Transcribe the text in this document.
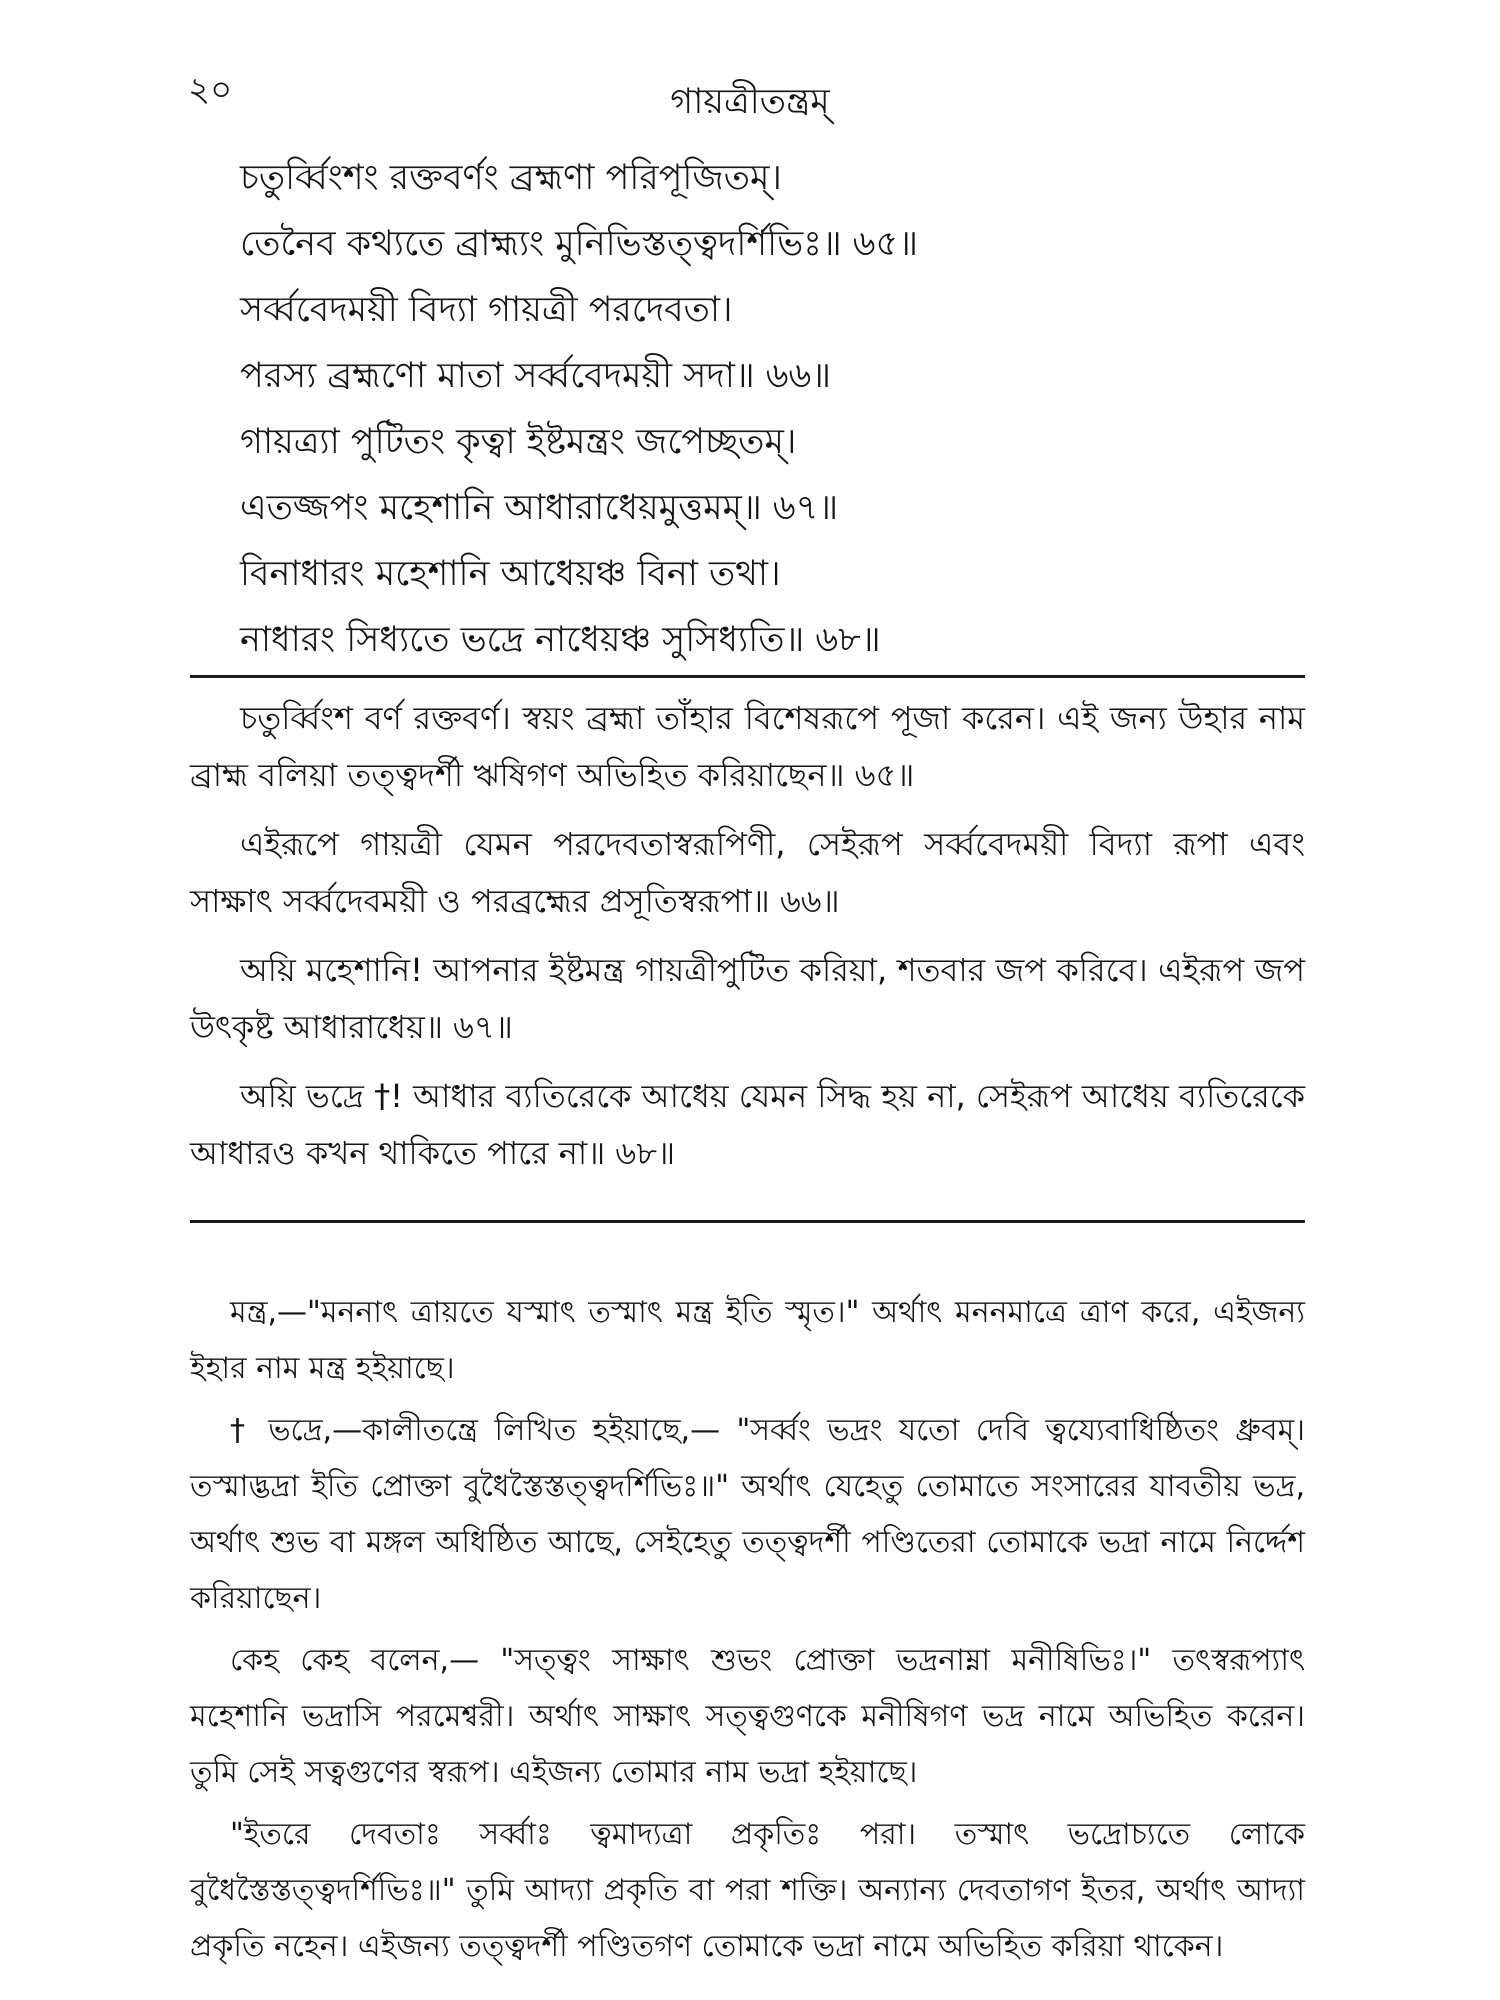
২০	গায়ত্রীতন্ত্রম্
চতুর্ব্বিংশং রক্তবর্ণং ব্রহ্মণা পরিপূজিতম্।
তেনৈব কথ্যতে ব্রাহ্ম্যং মুনিভিস্তত্ত্বদর্শিভিঃ॥ ৬৫॥
সর্ব্ববেদময়ী বিদ্যা গায়ত্রী পরদেবতা।
পরস্য ব্রহ্মণো মাতা সর্ব্ববেদময়ী সদা॥ ৬৬॥
গায়ত্র্যা পুটিতং কৃত্বা ইষ্টমন্ত্রং জপেচ্ছতম্।
এতজ্জপং মহেশানি আধারাধেয়মুত্তমম্॥ ৬৭॥
বিনাধারং মহেশানি আধেয়ঞ্চ বিনা তথা।
নাধারং সিধ্যতে ভদ্রে নাধেয়ঞ্চ সুসিধ্যতি॥ ৬৮॥

চতুর্ব্বিংশ বর্ণ রক্তবর্ণ। স্বয়ং ব্রহ্মা তাঁহার বিশেষরূপে পূজা করেন। এই জন্য উহার নাম ব্রাহ্ম বলিয়া তত্ত্বদর্শী ঋষিগণ অভিহিত করিয়াছেন॥ ৬৫॥

এইরূপে গায়ত্রী যেমন পরদেবতাস্বরূপিণী, সেইরূপ সর্ব্ববেদময়ী বিদ্যা রূপা এবং সাক্ষাৎ সর্ব্বদেবময়ী ও পরব্রহ্মের প্রসূতিস্বরূপা॥ ৬৬॥

অয়ি মহেশানি! আপনার ইষ্টমন্ত্র গায়ত্রীপুটিত করিয়া, শতবার জপ করিবে। এইরূপ জপ উৎকৃষ্ট আধারাধেয়॥ ৬৭॥

অয়ি ভদ্রে †! আধার ব্যতিরেকে আধেয় যেমন সিদ্ধ হয় না, সেইরূপ আধেয় ব্যতিরেকে আধারও কখন থাকিতে পারে না॥ ৬৮॥

মন্ত্র,—"মননাৎ ত্রায়তে যস্মাৎ তস্মাৎ মন্ত্র ইতি স্মৃত।" অর্থাৎ মননমাত্রে ত্রাণ করে, এইজন্য ইহার নাম মন্ত্র হইয়াছে।

† ভদ্রে,—কালীতন্ত্রে লিখিত হইয়াছে,— "সর্ব্বং ভদ্রং যতো দেবি ত্বয্যেবাধিষ্ঠিতং ধ্রুবম্। তস্মাদ্ভদ্রা ইতি প্রোক্তা বুধৈস্তৈস্তত্ত্বদর্শিভিঃ॥" অর্থাৎ যেহেতু তোমাতে সংসারের যাবতীয় ভদ্র, অর্থাৎ শুভ বা মঙ্গল অধিষ্ঠিত আছে, সেইহেতু তত্ত্বদর্শী পণ্ডিতেরা তোমাকে ভদ্রা নামে নির্দ্দেশ করিয়াছেন।

কেহ কেহ বলেন,— "সত্ত্বং সাক্ষাৎ শুভং প্রোক্তা ভদ্রনাম্না মনীষিভিঃ।" তৎস্বরূপ্যাৎ মহেশানি ভদ্রাসি পরমেশ্বরী। অর্থাৎ সাক্ষাৎ সত্ত্বগুণকে মনীষিগণ ভদ্র নামে অভিহিত করেন। তুমি সেই সত্বগুণের স্বরূপ। এইজন্য তোমার নাম ভদ্রা হইয়াছে।

"ইতরে দেবতাঃ সর্ব্বাঃ ত্বমাদ্যত্রা প্রকৃতিঃ পরা। তস্মাৎ ভদ্রোচ্যতে লোকে বুধৈস্তৈস্তত্ত্বদর্শিভিঃ॥" তুমি আদ্যা প্রকৃতি বা পরা শক্তি। অন্যান্য দেবতাগণ ইতর, অর্থাৎ আদ্যা প্রকৃতি নহেন। এইজন্য তত্ত্বদর্শী পণ্ডিতগণ তোমাকে ভদ্রা নামে অভিহিত করিয়া থাকেন।
